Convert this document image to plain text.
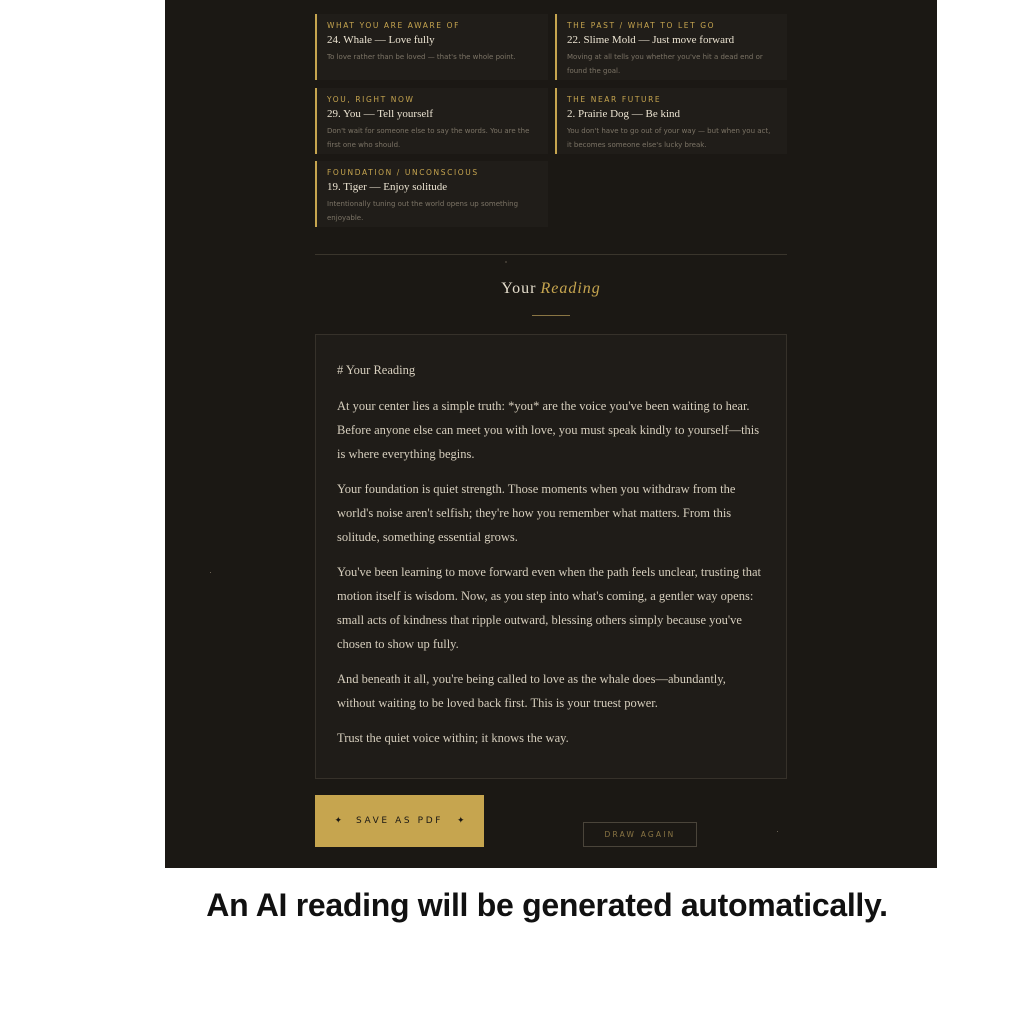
WHAT YOU ARE AWARE OF
24. Whale — Love fully
To love rather than be loved — that's the whole point.
THE PAST / WHAT TO LET GO
22. Slime Mold — Just move forward
Moving at all tells you whether you've hit a dead end or found the goal.
YOU, RIGHT NOW
29. You — Tell yourself
Don't wait for someone else to say the words. You are the first one who should.
THE NEAR FUTURE
2. Prairie Dog — Be kind
You don't have to go out of your way — but when you act, it becomes someone else's lucky break.
FOUNDATION / UNCONSCIOUS
19. Tiger — Enjoy solitude
Intentionally tuning out the world opens up something enjoyable.
Your Reading

# Your Reading

At your center lies a simple truth: *you* are the voice you've been waiting to hear. Before anyone else can meet you with love, you must speak kindly to yourself—this is where everything begins.

Your foundation is quiet strength. Those moments when you withdraw from the world's noise aren't selfish; they're how you remember what matters. From this solitude, something essential grows.

You've been learning to move forward even when the path feels unclear, trusting that motion itself is wisdom. Now, as you step into what's coming, a gentler way opens: small acts of kindness that ripple outward, blessing others simply because you've chosen to show up fully.

And beneath it all, you're being called to love as the whale does—abundantly, without waiting to be loved back first. This is your truest power.

Trust the quiet voice within; it knows the way.

✦ SAVE AS PDF ✦
DRAW AGAIN
An AI reading will be generated automatically.
